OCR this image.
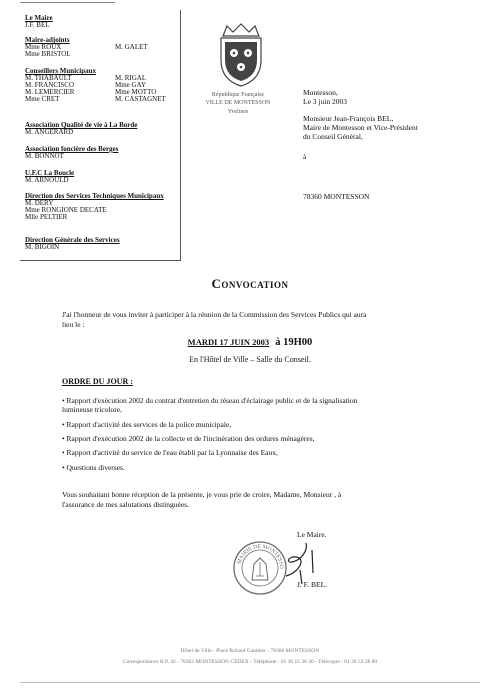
Le Maire
J.F. BEL
Maire-adjoints
Mme ROUX	M. GALET
Mme BRISTOL
Conseillers Municipaux
M. THABAULT	M. RIGAL
M. FRANCISCO	Mme GAY
M. LEMERCIER	Mme MOTTO
Mme CRET	M. CASTAGNET
Association Qualité de vie à La Borde
M. ANGERARD
Association foncière des Berges
M. BONNOT
U.F.C La Boucle
M. ARNOULD
Direction des Services Techniques Municipaux
M. DERY
Mme RONGIONE DECATE
Mlle PELTIER
Direction Générale des Services
M. BIGOIN
République Française
VILLE DE MONTESSON
Yvelines
Montesson,
Le 3 juin 2003
Monsieur Jean-François BEL,
Maire de Montesson et Vice-Président
du Conseil Général,
à
78360 MONTESSON
Convocation
J'ai l'honneur de vous inviter à participer à la réunion de la Commission des Services Publics qui aura
lieu le :
MARDI 17 JUIN 2003 à 19H00
En l'Hôtel de Ville – Salle du Conseil.
ORDRE DU JOUR :
• Rapport d'exécution 2002 du contrat d'entretien du réseau d'éclairage public et de la signalisation
lumineuse tricolore,
• Rapport d'activité des services de la police municipale,
• Rapport d'exécution 2002 de la collecte et de l'incinération des ordures ménagères,
• Rapport d'activité du service de l'eau établi par la Lyonnaise des Eaux,
• Questions diverses.
Vous souhaitant bonne réception de la présente, je vous prie de croire, Madame, Monsieur , à
l'assurance de mes salutations distinguées.
Le Maire.
MAIRIE DE MONTESSO
J. F. BEL.
Hôtel de Ville - Place Roland Gauthier - 78360 MONTESSON
Correspondance B.P. 42 - 78362 MONTESSON CEDEX - Téléphone : 01 30 15 36 36 - Télécopie : 01 30 53 28 80
